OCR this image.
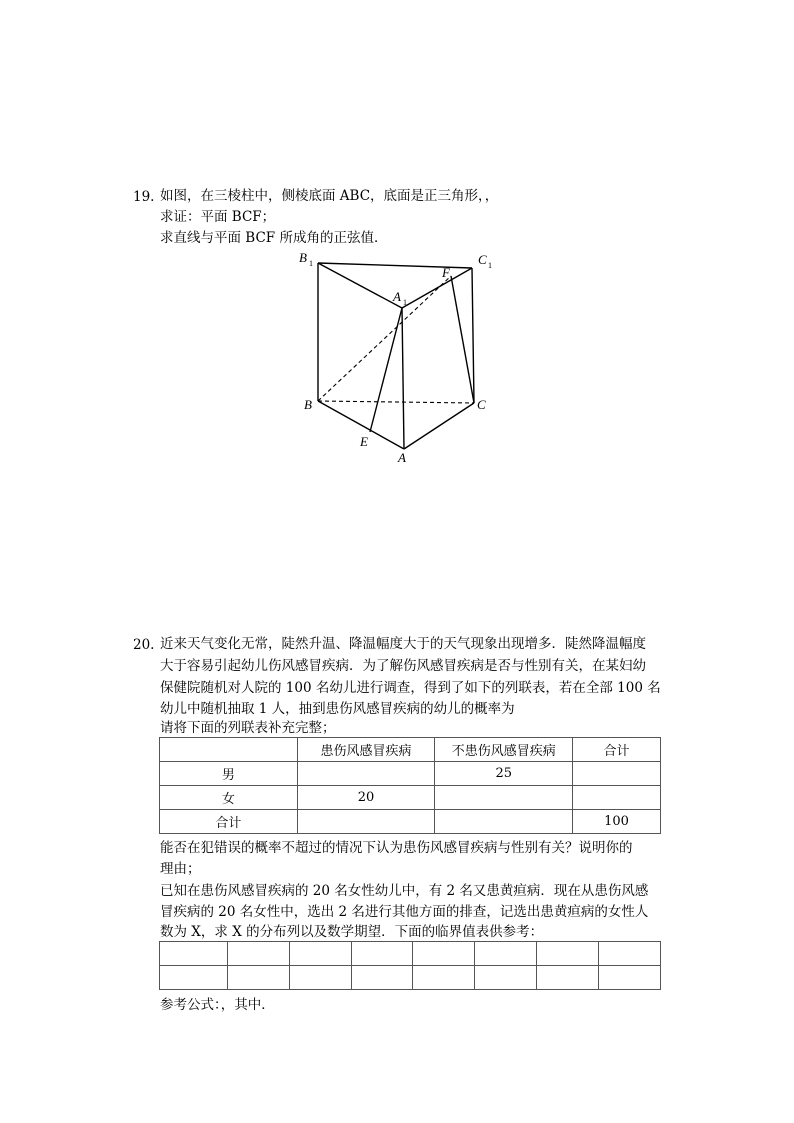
19. 如图，在三棱柱中，侧棱底面 ABC，底面是正三角形，，
求证：平面 BCF；
求直线与平面 BCF 所成角的正弦值．
B 1	C 1
F
A 1
B	C
E
A
20. 近来天气变化无常，陡然升温、降温幅度大于的天气现象出现增多．陡然降温幅度
大于容易引起幼儿伤风感冒疾病．为了解伤风感冒疾病是否与性别有关，在某妇幼
保健院随机对人院的 100 名幼儿进行调查，得到了如下的列联表，若在全部 100 名
幼儿中随机抽取 1 人，抽到患伤风感冒疾病的幼儿的概率为
请将下面的列联表补充完整；
	患伤风感冒疾病	不患伤风感冒疾病	合计
男		25	
女	20		
合计			100
能否在犯错误的概率不超过的情况下认为患伤风感冒疾病与性别有关？说明你的
理由；
已知在患伤风感冒疾病的 20 名女性幼儿中，有 2 名又患黄疸病．现在从患伤风感
冒疾病的 20 名女性中，选出 2 名进行其他方面的排查，记选出患黄疸病的女性人
数为 X，求 X 的分布列以及数学期望．下面的临界值表供参考：

参考公式：，其中．
